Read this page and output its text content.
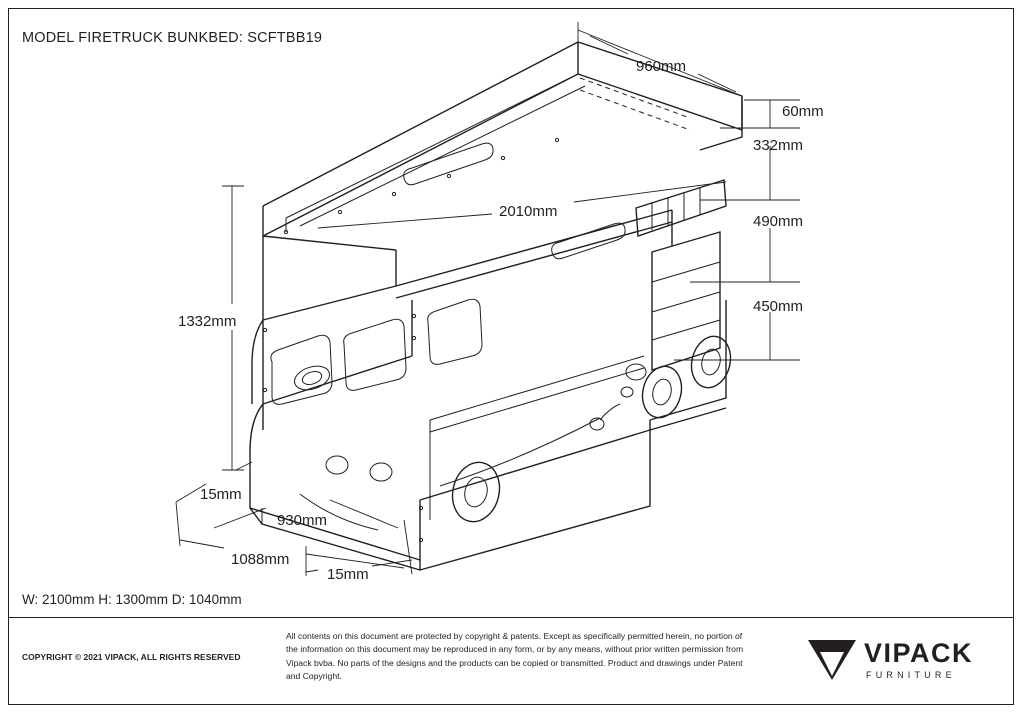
MODEL FIRETRUCK BUNKBED: SCFTBB19
960mm
60mm
332mm
490mm
450mm
2010mm
1332mm
15mm
930mm
1088mm
15mm
W: 2100mm H: 1300mm D: 1040mm
COPYRIGHT © 2021 VIPACK, ALL RIGHTS RESERVED
All contents on this document are protected by copyright & patents. Except as specifically permitted herein, no portion of the information on this document may be reproduced in any form, or by any means, without prior written permission from Vipack bvba. No parts of the designs and the products can be copied or transmitted. Product and drawings under Patent and Copyright.
VIPACK
FURNITURE
